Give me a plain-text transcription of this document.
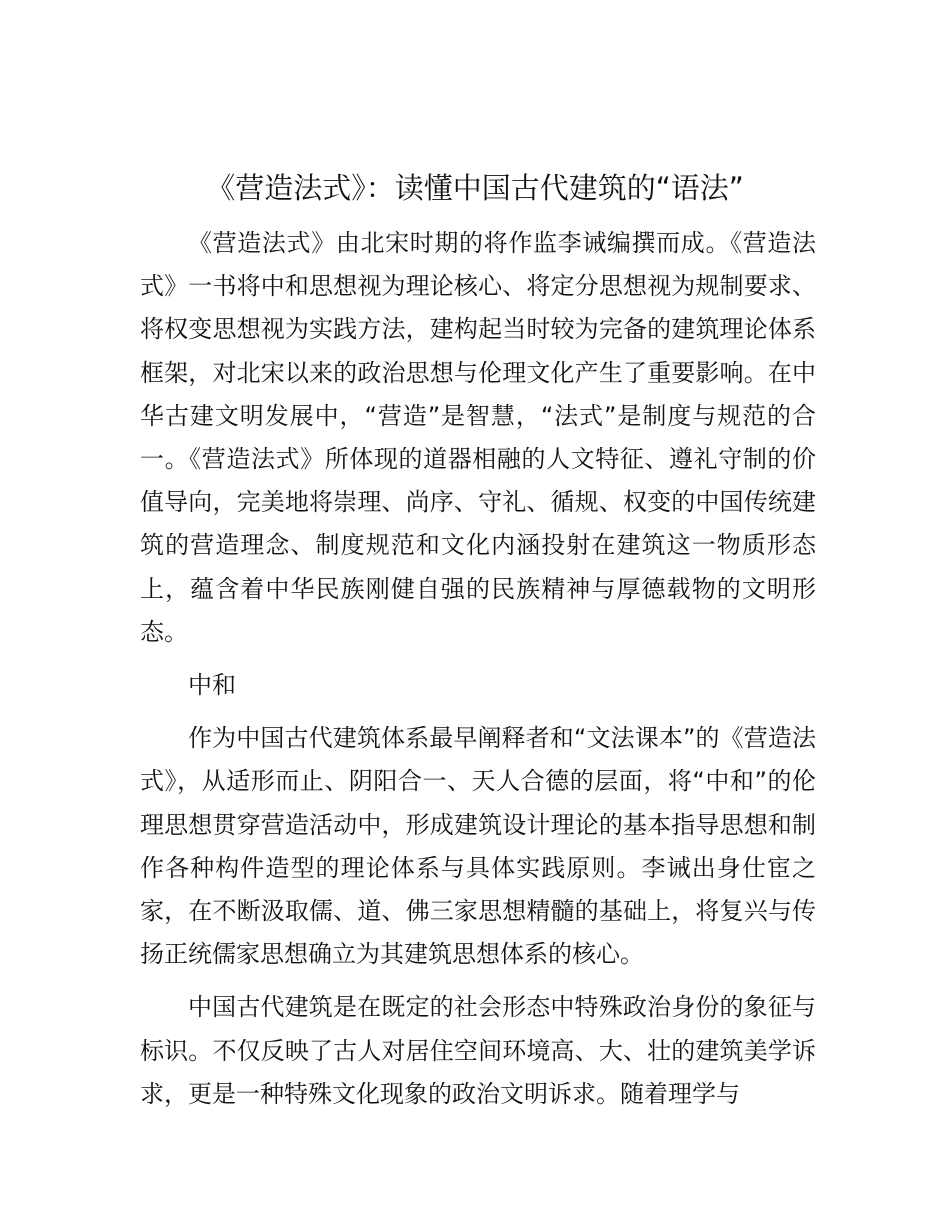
《营造法式》：读懂中国古代建筑的“语法”

《营造法式》由北宋时期的将作监李诫编撰而成。《营造法式》一书将中和思想视为理论核心、将定分思想视为规制要求、将权变思想视为实践方法，建构起当时较为完备的建筑理论体系框架，对北宋以来的政治思想与伦理文化产生了重要影响。在中华古建文明发展中，“营造”是智慧，“法式”是制度与规范的合一。《营造法式》所体现的道器相融的人文特征、遵礼守制的价值导向，完美地将崇理、尚序、守礼、循规、权变的中国传统建筑的营造理念、制度规范和文化内涵投射在建筑这一物质形态上，蕴含着中华民族刚健自强的民族精神与厚德载物的文明形态。

中和

作为中国古代建筑体系最早阐释者和“文法课本”的《营造法式》，从适形而止、阴阳合一、天人合德的层面，将“中和”的伦理思想贯穿营造活动中，形成建筑设计理论的基本指导思想和制作各种构件造型的理论体系与具体实践原则。李诫出身仕宦之家，在不断汲取儒、道、佛三家思想精髓的基础上，将复兴与传扬正统儒家思想确立为其建筑思想体系的核心。

中国古代建筑是在既定的社会形态中特殊政治身份的象征与标识。不仅反映了古人对居住空间环境高、大、壮的建筑美学诉求，更是一种特殊文化现象的政治文明诉求。随着理学与
